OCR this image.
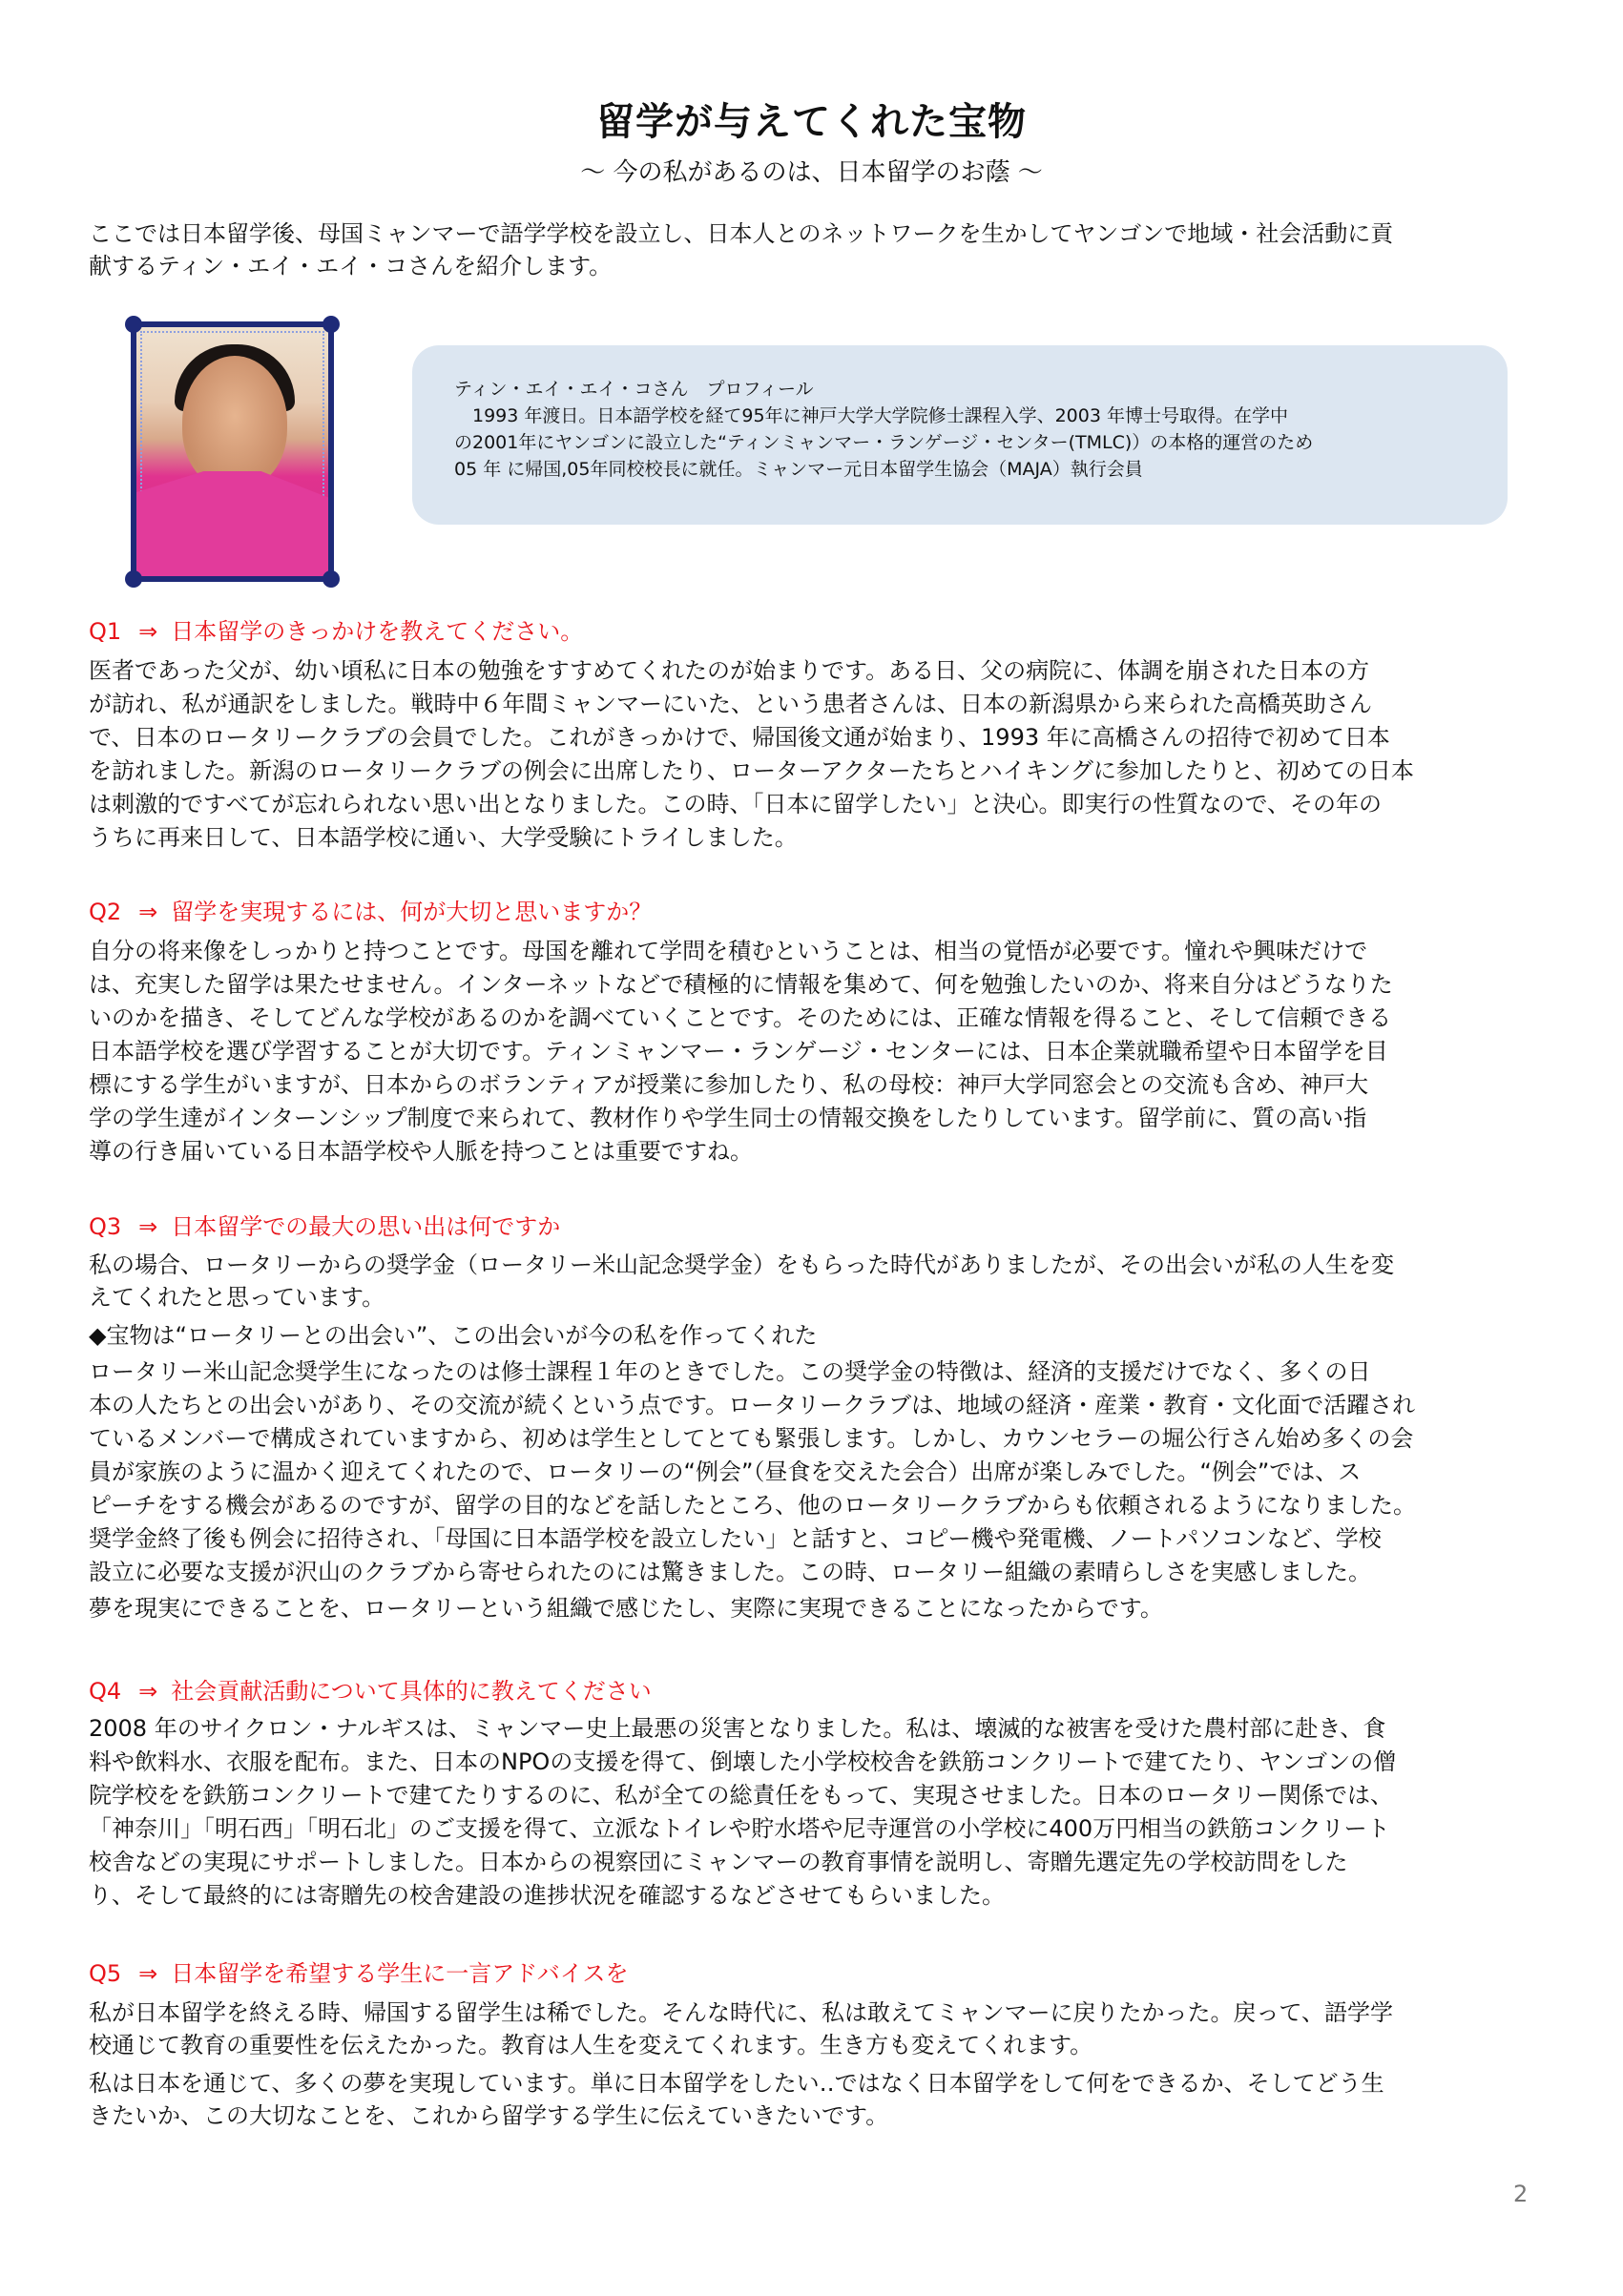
留学が与えてくれた宝物
～ 今の私があるのは、日本留学のお蔭 ～
ここでは日本留学後、母国ミャンマーで語学学校を設立し、日本人とのネットワークを生かしてヤンゴンで地域・社会活動に貢
献するティン・エイ・エイ・コさんを紹介します。
ティン・エイ・エイ・コさん　プロフィール
　1993 年渡日。日本語学校を経て95年に神戸大学大学院修士課程入学、2003 年博士号取得。在学中
の2001年にヤンゴンに設立した“ティンミャンマー・ランゲージ・センター(TMLC)）の本格的運営のため
05 年 に帰国,05年同校校長に就任。ミャンマー元日本留学生協会（MAJA）執行会員
Q1 ⇒ 日本留学のきっかけを教えてください。
医者であった父が、幼い頃私に日本の勉強をすすめてくれたのが始まりです。ある日、父の病院に、体調を崩された日本の方
が訪れ、私が通訳をしました。戦時中６年間ミャンマーにいた、という患者さんは、日本の新潟県から来られた高橋英助さん
で、日本のロータリークラブの会員でした。これがきっかけで、帰国後文通が始まり、1993 年に高橋さんの招待で初めて日本
を訪れました。新潟のロータリークラブの例会に出席したり、ローターアクターたちとハイキングに参加したりと、初めての日本
は刺激的ですべてが忘れられない思い出となりました。この時、「日本に留学したい」と決心。即実行の性質なので、その年の
うちに再来日して、日本語学校に通い、大学受験にトライしました。
Q2 ⇒ 留学を実現するには、何が大切と思いますか？
自分の将来像をしっかりと持つことです。母国を離れて学問を積むということは、相当の覚悟が必要です。憧れや興味だけで
は、充実した留学は果たせません。インターネットなどで積極的に情報を集めて、何を勉強したいのか、将来自分はどうなりた
いのかを描き、そしてどんな学校があるのかを調べていくことです。そのためには、正確な情報を得ること、そして信頼できる
日本語学校を選び学習することが大切です。ティンミャンマー・ランゲージ・センターには、日本企業就職希望や日本留学を目
標にする学生がいますが、日本からのボランティアが授業に参加したり、私の母校：神戸大学同窓会との交流も含め、神戸大
学の学生達がインターンシップ制度で来られて、教材作りや学生同士の情報交換をしたりしています。留学前に、質の高い指
導の行き届いている日本語学校や人脈を持つことは重要ですね。
Q3 ⇒ 日本留学での最大の思い出は何ですか
私の場合、ロータリーからの奨学金（ロータリー米山記念奨学金）をもらった時代がありましたが、その出会いが私の人生を変
えてくれたと思っています。
◆宝物は“ロータリーとの出会い”、この出会いが今の私を作ってくれた
ロータリー米山記念奨学生になったのは修士課程１年のときでした。この奨学金の特徴は、経済的支援だけでなく、多くの日
本の人たちとの出会いがあり、その交流が続くという点です。ロータリークラブは、地域の経済・産業・教育・文化面で活躍され
ているメンバーで構成されていますから、初めは学生としてとても緊張します。しかし、カウンセラーの堀公行さん始め多くの会
員が家族のように温かく迎えてくれたので、ロータリーの“例会”（昼食を交えた会合）出席が楽しみでした。“例会”では、ス
ピーチをする機会があるのですが、留学の目的などを話したところ、他のロータリークラブからも依頼されるようになりました。
奨学金終了後も例会に招待され、「母国に日本語学校を設立したい」と話すと、コピー機や発電機、ノートパソコンなど、学校
設立に必要な支援が沢山のクラブから寄せられたのには驚きました。この時、ロータリー組織の素晴らしさを実感しました。
夢を現実にできることを、ロータリーという組織で感じたし、実際に実現できることになったからです。
Q4 ⇒ 社会貢献活動について具体的に教えてください
2008 年のサイクロン・ナルギスは、ミャンマー史上最悪の災害となりました。私は、壊滅的な被害を受けた農村部に赴き、食
料や飲料水、衣服を配布。また、日本のNPOの支援を得て、倒壊した小学校校舎を鉄筋コンクリートで建てたり、ヤンゴンの僧
院学校をを鉄筋コンクリートで建てたりするのに、私が全ての総責任をもって、実現させました。日本のロータリー関係では、
「神奈川」「明石西」「明石北」のご支援を得て、立派なトイレや貯水塔や尼寺運営の小学校に400万円相当の鉄筋コンクリート
校舎などの実現にサポートしました。日本からの視察団にミャンマーの教育事情を説明し、寄贈先選定先の学校訪問をした
り、そして最終的には寄贈先の校舎建設の進捗状況を確認するなどさせてもらいました。
Q5 ⇒ 日本留学を希望する学生に一言アドバイスを
私が日本留学を終える時、帰国する留学生は稀でした。そんな時代に、私は敢えてミャンマーに戻りたかった。戻って、語学学
校通じて教育の重要性を伝えたかった。教育は人生を変えてくれます。生き方も変えてくれます。
私は日本を通じて、多くの夢を実現しています。単に日本留学をしたい‥ではなく日本留学をして何をできるか、そしてどう生
きたいか、この大切なことを、これから留学する学生に伝えていきたいです。
2
